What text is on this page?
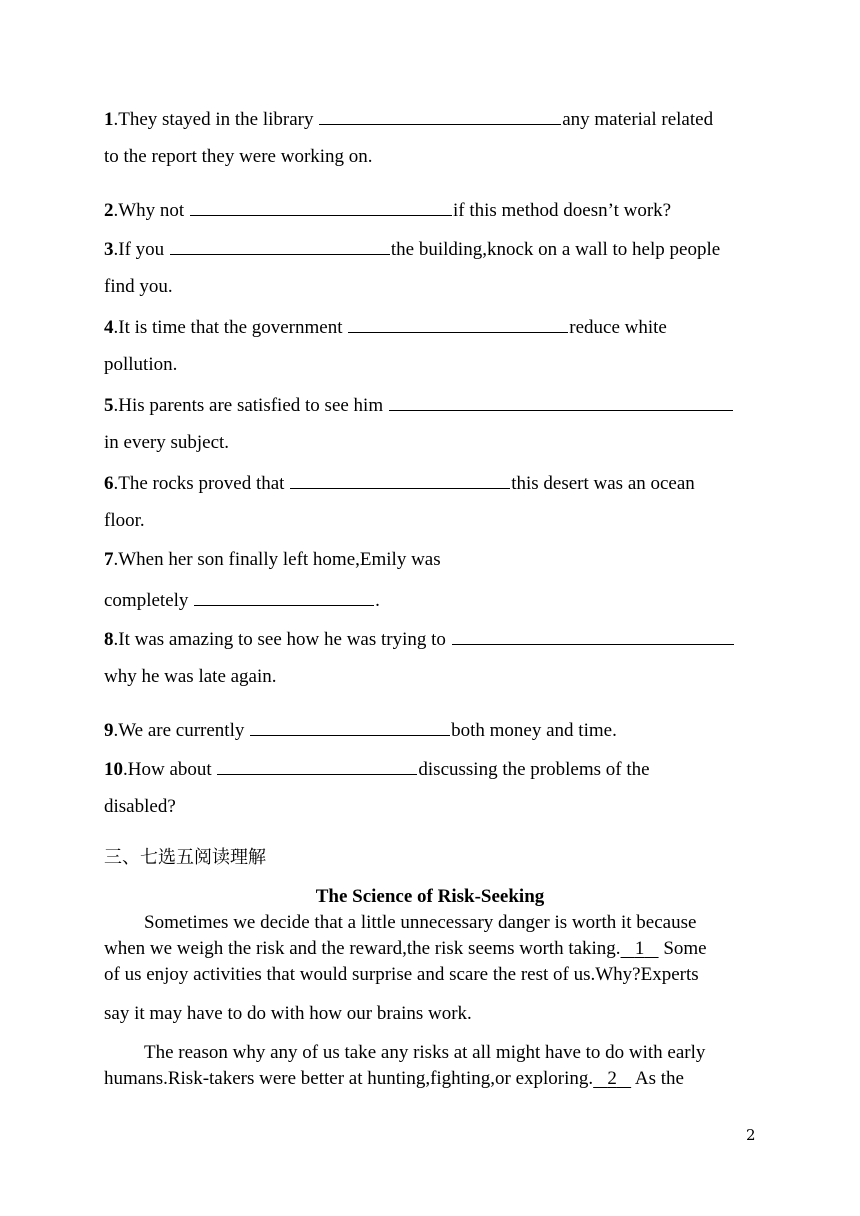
1.They stayed in the library	any material related
to the report they were working on.
2.Why not	if this method doesn’t work?
3.If you	the building,knock on a wall to help people
find you.
4.It is time that the government	reduce white
pollution.
5.His parents are satisfied to see him
in every subject.
6.The rocks proved that	this desert was an ocean
floor.
7.When her son finally left home,Emily was
completely	.
8.It was amazing to see how he was trying to
why he was late again.
9.We are currently	both money and time.
10.How about	discussing the problems of the
disabled?
三、七选五阅读理解
The Science of Risk-Seeking
Sometimes we decide that a little unnecessary danger is worth it because
when we weigh the risk and the reward,the risk seems worth taking. 1    Some
of us enjoy activities that would surprise and scare the rest of us.Why?Experts
say it may have to do with how our brains work.
The reason why any of us take any risks at all might have to do with early
humans.Risk-takers were better at hunting,fighting,or exploring. 2    As the
2
